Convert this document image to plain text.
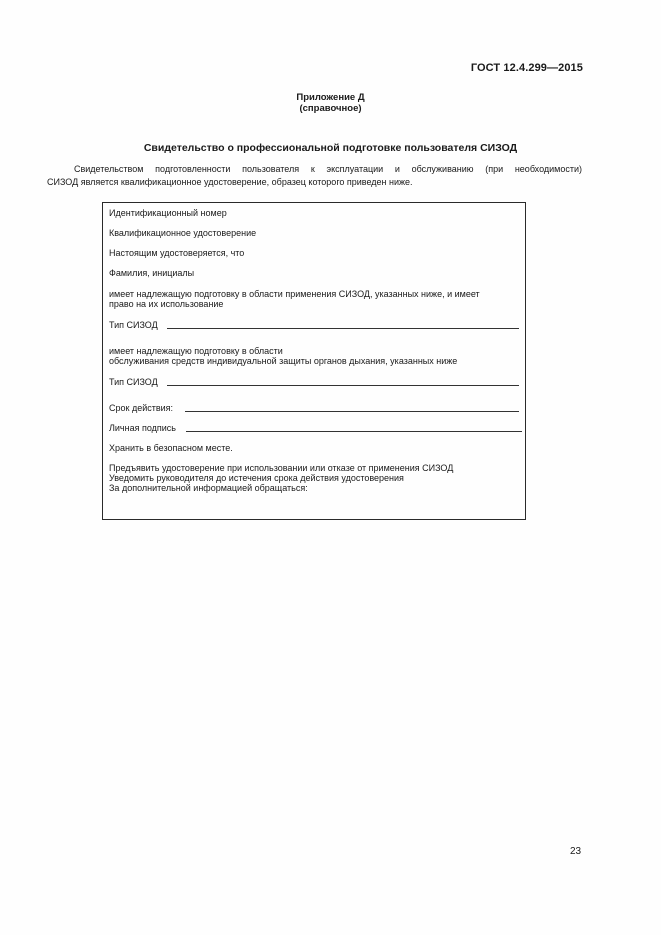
ГОСТ 12.4.299—2015
Приложение Д
(справочное)
Свидетельство о профессиональной подготовке пользователя СИЗОД
Свидетельством подготовленности пользователя к эксплуатации и обслуживанию (при необходимости)
СИЗОД является квалификационное удостоверение, образец которого приведен ниже.
Идентификационный номер
Квалификационное удостоверение
Настоящим удостоверяется, что
Фамилия, инициалы
имеет надлежащую подготовку в области применения СИЗОД, указанных ниже, и имеет
право на их использование
Тип СИЗОД
имеет надлежащую подготовку в области
обслуживания средств индивидуальной защиты органов дыхания, указанных ниже
Тип СИЗОД
Срок действия:
Личная подпись
Хранить в безопасном месте.
Предъявить удостоверение при использовании или отказе от применения СИЗОД
Уведомить руководителя до истечения срока действия удостоверения
За дополнительной информацией обращаться:
23
